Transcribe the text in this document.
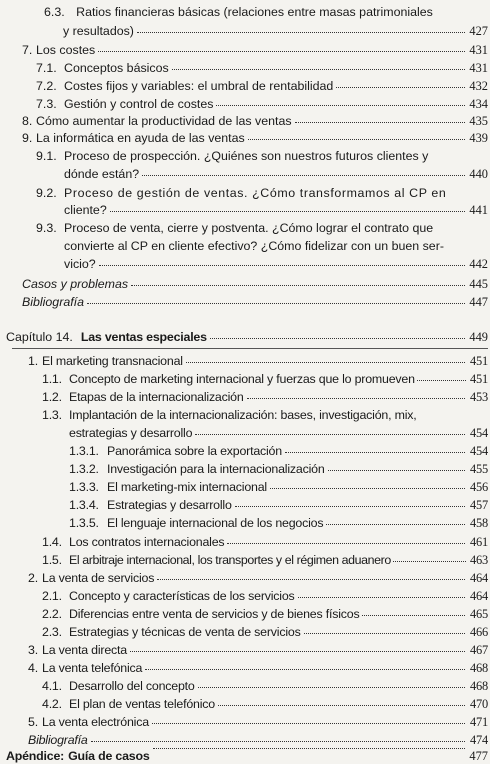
6.3. Ratios financieras básicas (relaciones entre masas patrimoniales
y resultados)	427
7. Los costes	431
7.1. Conceptos básicos	431
7.2. Costes fijos y variables: el umbral de rentabilidad	432
7.3. Gestión y control de costes	434
8. Cómo aumentar la productividad de las ventas	435
9. La informática en ayuda de las ventas	439
9.1. Proceso de prospección. ¿Quiénes son nuestros futuros clientes y
dónde están?	440
9.2. Proceso de gestión de ventas. ¿Cómo transformamos al CP en
cliente?	441
9.3. Proceso de venta, cierre y postventa. ¿Cómo lograr el contrato que
convierte al CP en cliente efectivo? ¿Cómo fidelizar con un buen ser-
vicio?	442
Casos y problemas	445
Bibliografía	447
Capítulo 14. Las ventas especiales	449
1. El marketing transnacional	451
1.1. Concepto de marketing internacional y fuerzas que lo promueven	451
1.2. Etapas de la internacionalización	453
1.3. Implantación de la internacionalización: bases, investigación, mix,
estrategias y desarrollo	454
1.3.1. Panorámica sobre la exportación	454
1.3.2. Investigación para la internacionalización	455
1.3.3. El marketing-mix internacional	456
1.3.4. Estrategias y desarrollo	457
1.3.5. El lenguaje internacional de los negocios	458
1.4. Los contratos internacionales	461
1.5. El arbitraje internacional, los transportes y el régimen aduanero	463
2. La venta de servicios	464
2.1. Concepto y características de los servicios	464
2.2. Diferencias entre venta de servicios y de bienes físicos	465
2.3. Estrategias y técnicas de venta de servicios	466
3. La venta directa	467
4. La venta telefónica	468
4.1. Desarrollo del concepto	468
4.2. El plan de ventas telefónico	470
5. La venta electrónica	471
Bibliografía	474
Apéndice: Guía de casos	477
